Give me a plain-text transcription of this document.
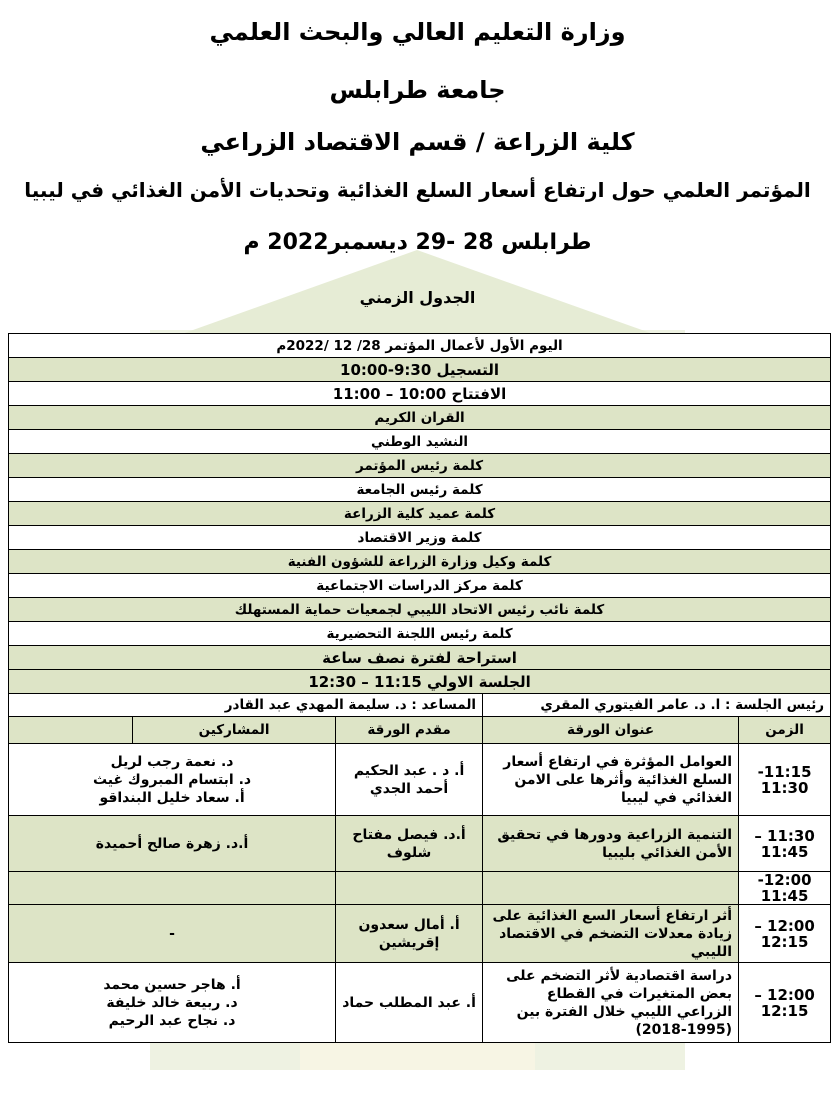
وزارة التعليم العالي والبحث العلمي
جامعة طرابلس
كلية الزراعة / قسم الاقتصاد الزراعي
المؤتمر العلمي حول ارتفاع أسعار السلع الغذائية وتحديات الأمن الغذائي في ليبيا
طرابلس 28 -29 ديسمبر2022 م
الجدول الزمني
اليوم الأول لأعمال المؤتمر 28/ 12 /2022م				
التسجيل 9:30-10:00				
الافتتاح 10:00 – 11:00				
القران الكريم				
النشيد الوطني				
كلمة رئيس المؤتمر				
كلمة رئيس الجامعة				
كلمة عميد كلية الزراعة				
كلمة وزير الاقتصاد				
كلمة وكيل وزارة الزراعة للشؤون الفنية				
كلمة مركز الدراسات الاجتماعية				
كلمة نائب رئيس الاتحاد الليبي لجمعيات حماية المستهلك				
كلمة رئيس اللجنة التحضيرية				
استراحة لفترة نصف ساعة				
الجلسة الاولي 11:15 – 12:30				
رئيس الجلسة : ا. د. عامر الفيتوري المقري		المساعد : د. سليمة المهدي عبد القادر		
الزمن	عنوان الورقة	مقدم الورقة	المشاركين	
11:15- 11:30	العوامل المؤثرة في ارتفاع أسعار السلع الغذائية وأثرها على الامن الغذائي في ليبيا	أ. د . عبد الحكيم أحمد الجدي	د. نعمة رجب لريل
د. ابتسام المبروك غيث
أ. سعاد خليل البنداقو	

11:30 – 11:45	التنمية الزراعية ودورها في تحقيق الأمن الغذائي بليبيا	أ.د. فيصل مفتاح شلوف	أ.د. زهرة صالح أحميدة	

12:00- 11:45				
12:00 – 12:15	أثر ارتفاع أسعار السع الغذائية على زيادة معدلات التضخم في الاقتصاد الليبي	أ. أمال سعدون إقريشين	-	

12:00 – 12:15	دراسة اقتصادية لأثر التضخم على بعض المتغيرات في القطاع الزراعي الليبي خلال الفترة بين (1995-2018)	أ. عبد المطلب حماد	أ. هاجر حسين محمد
د. ربيعة خالد خليفة
د. نجاح عبد الرحيم	
